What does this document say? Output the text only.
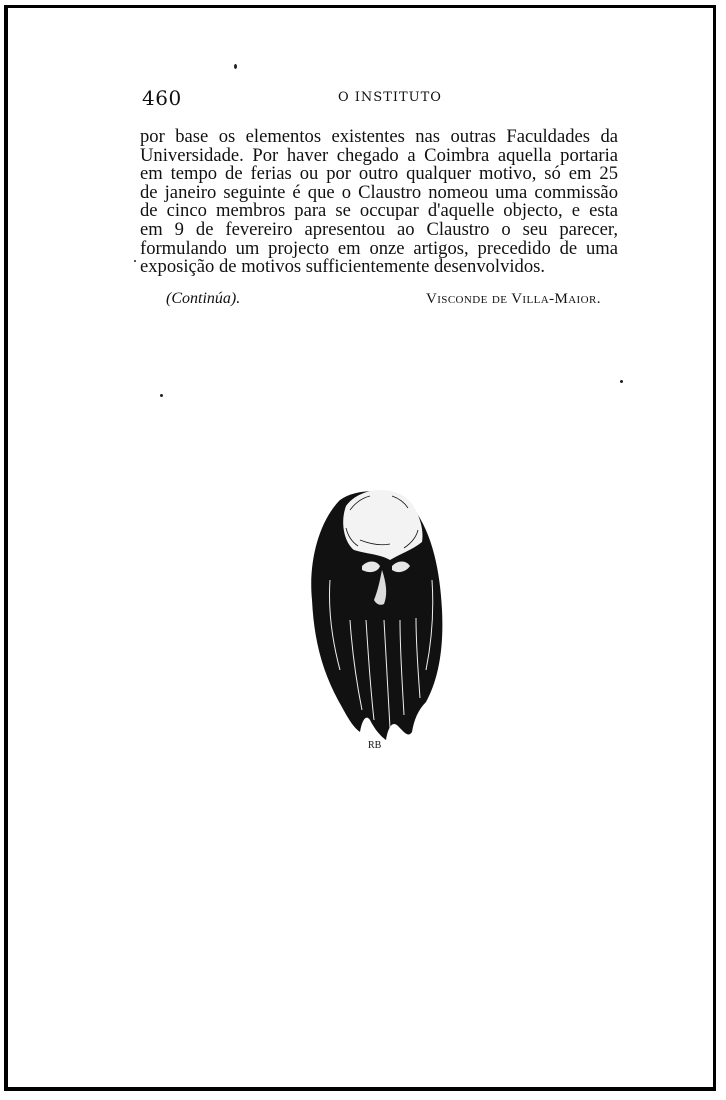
460	O INSTITUTO
por base os elementos existentes nas outras Faculdades da
Universidade. Por haver chegado a Coimbra aquella portaria
em tempo de ferias ou por outro qualquer motivo, só em 25
de janeiro seguinte é que o Claustro nomeou uma commissão
de cinco membros para se occupar d'aquelle objecto, e esta
em 9 de fevereiro apresentou ao Claustro o seu parecer,
formulando um projecto em onze artigos, precedido de uma
exposição de motivos sufficientemente desenvolvidos.
(Continúa).	Visconde de Villa-Maior.
RB
